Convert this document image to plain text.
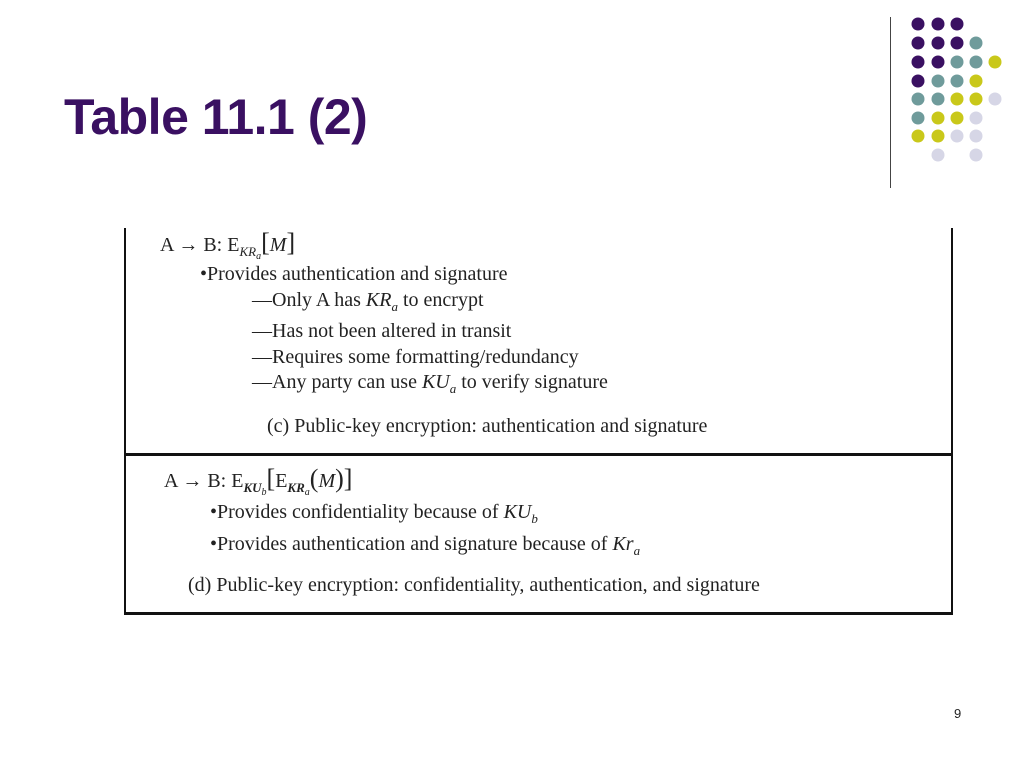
Table 11.1 (2)
A → B: $E_{KR_a}[M]$
•Provides authentication and signature
—Only A has $KR_a$ to encrypt
—Has not been altered in transit
—Requires some formatting/redundancy
—Any party can use $KU_a$ to verify signature
(c) Public-key encryption: authentication and signature
A → B: $E_{KU_b}[E_{KR_a}(M)]$
•Provides confidentiality because of $KU_b$
•Provides authentication and signature because of $Kr_a$
(d) Public-key encryption: confidentiality, authentication, and signature
9
